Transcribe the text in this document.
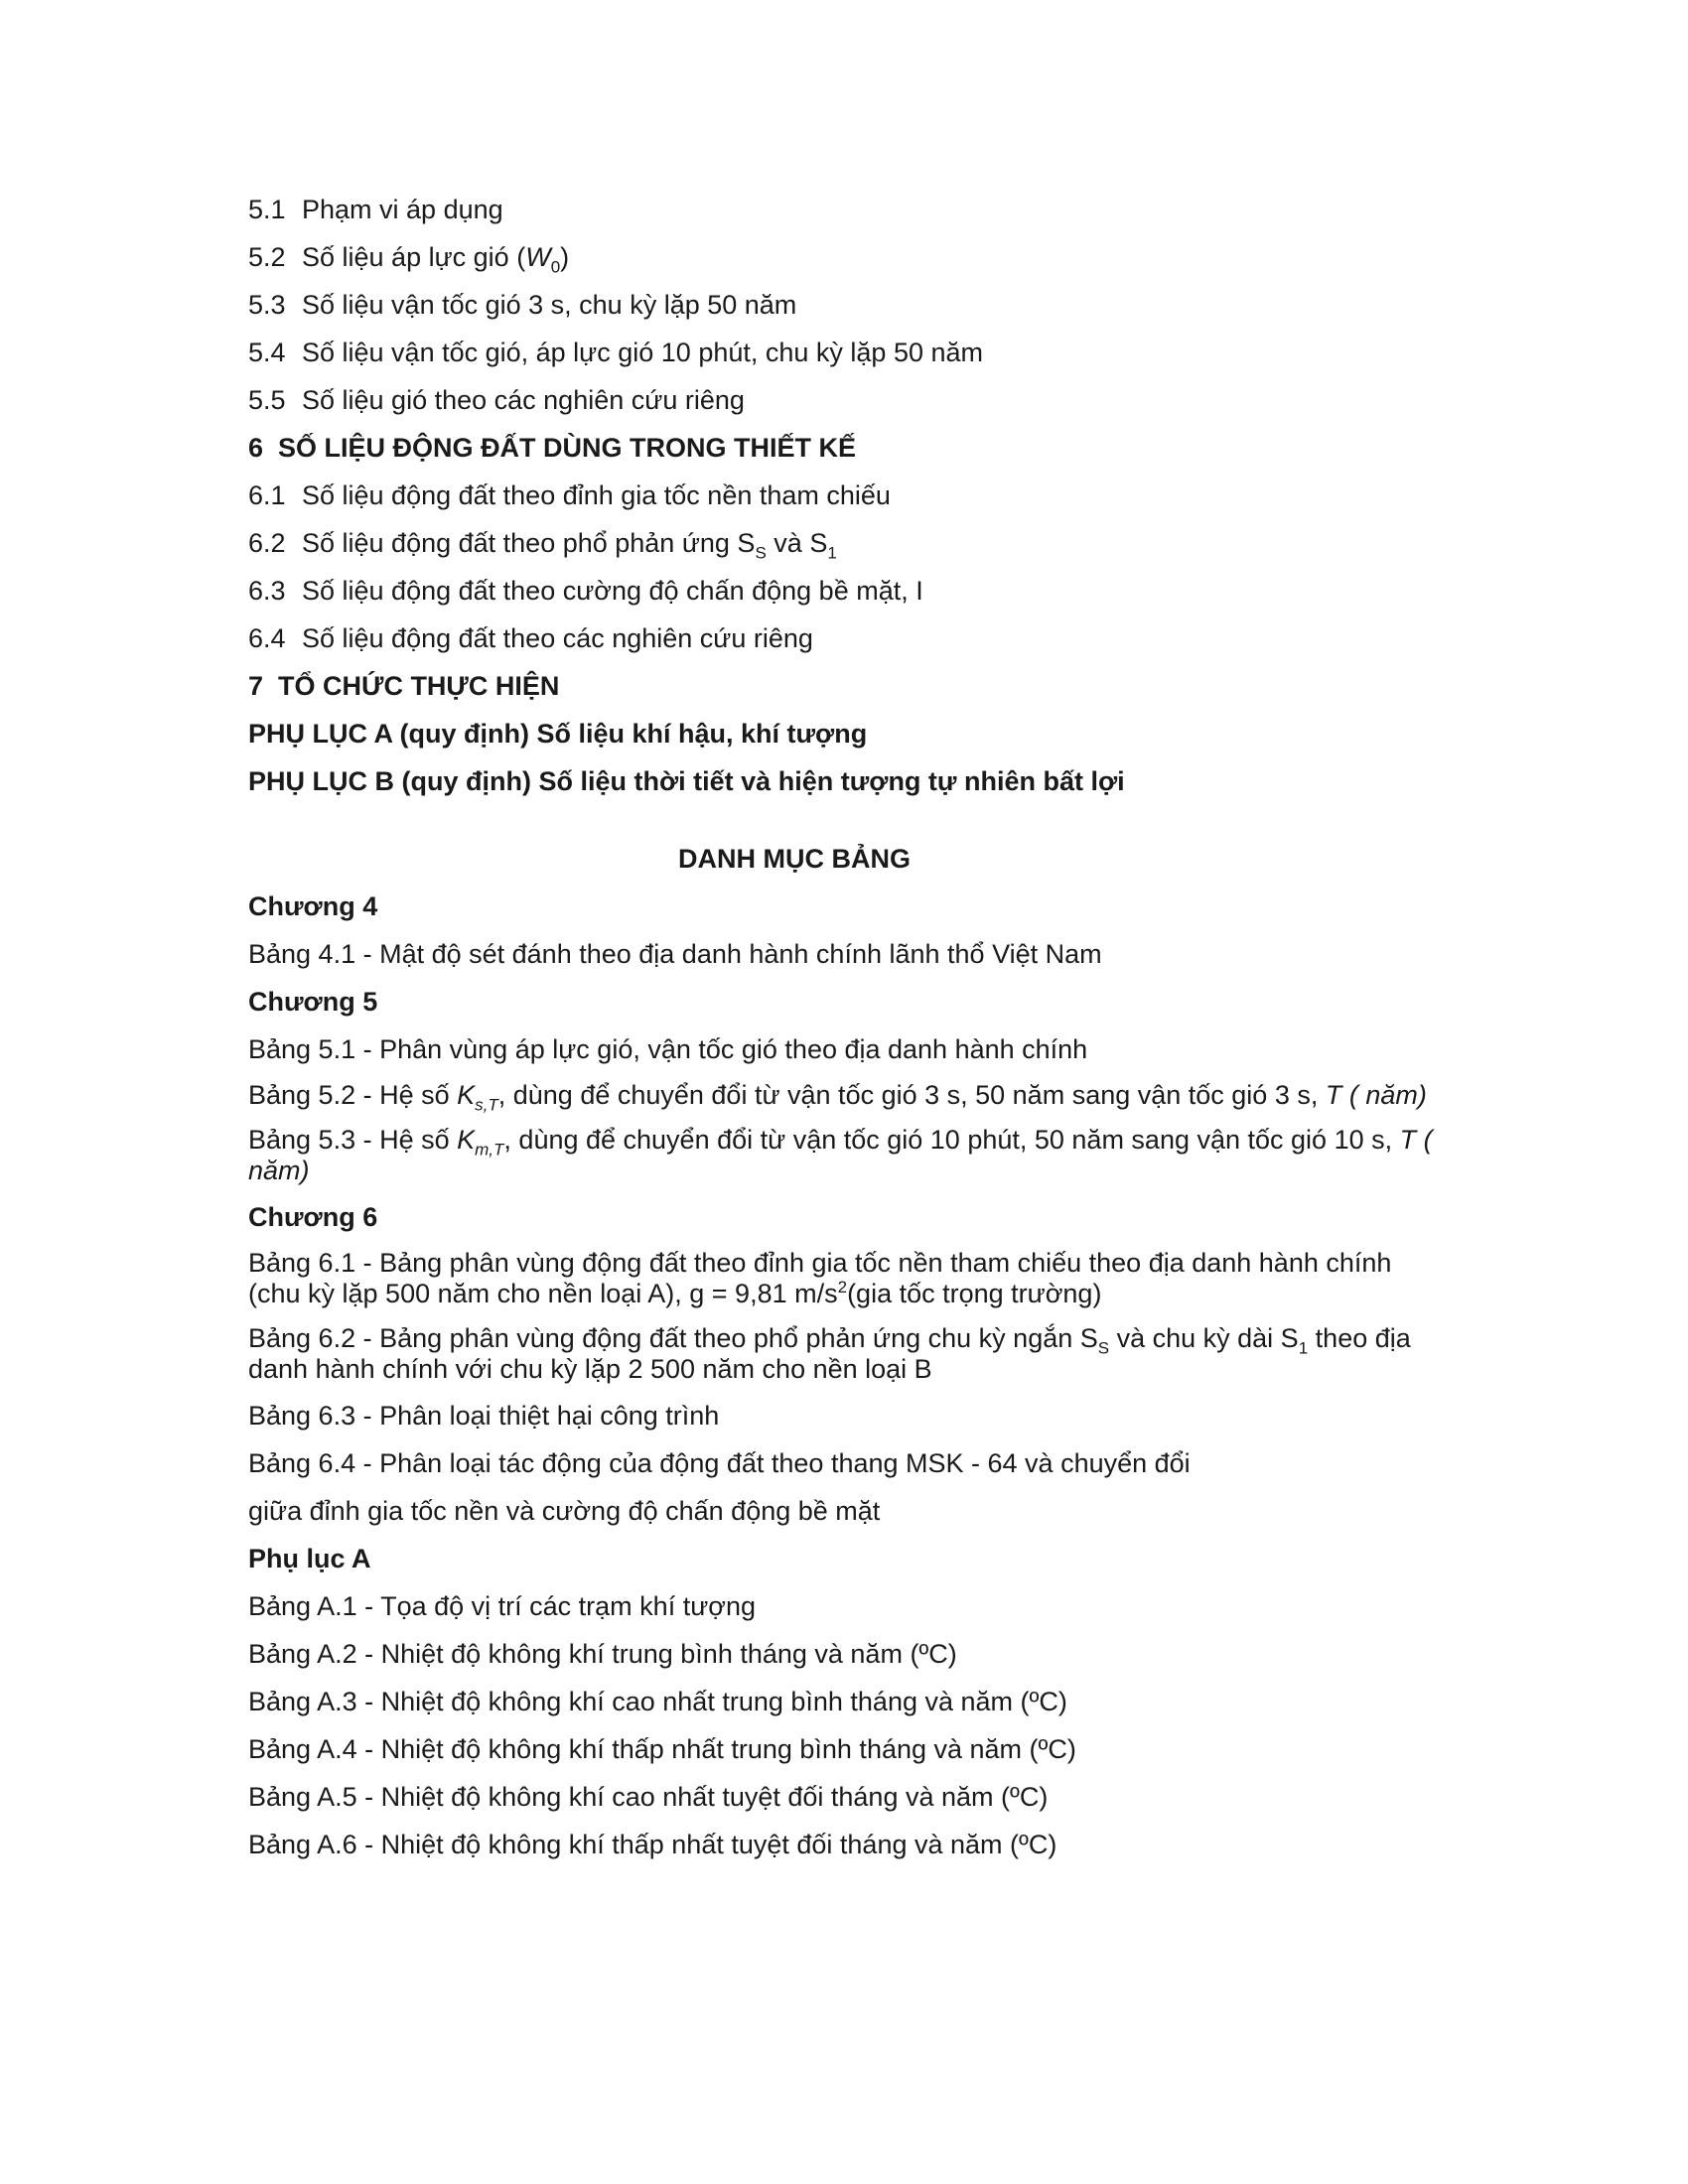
5.1 Phạm vi áp dụng
5.2 Số liệu áp lực gió $(W_0)$
5.3 Số liệu vận tốc gió 3 s, chu kỳ lặp 50 năm
5.4 Số liệu vận tốc gió, áp lực gió 10 phút, chu kỳ lặp 50 năm
5.5 Số liệu gió theo các nghiên cứu riêng
6 SỐ LIỆU ĐỘNG ĐẤT DÙNG TRONG THIẾT KẾ
6.1 Số liệu động đất theo đỉnh gia tốc nền tham chiếu
6.2 Số liệu động đất theo phổ phản ứng $S_S$ và $S_1$
6.3 Số liệu động đất theo cường độ chấn động bề mặt, I
6.4 Số liệu động đất theo các nghiên cứu riêng
7 TỔ CHỨC THỰC HIỆN
PHỤ LỤC A (quy định) Số liệu khí hậu, khí tượng
PHỤ LỤC B (quy định) Số liệu thời tiết và hiện tượng tự nhiên bất lợi
DANH MỤC BẢNG
Chương 4
Bảng 4.1 - Mật độ sét đánh theo địa danh hành chính lãnh thổ Việt Nam
Chương 5
Bảng 5.1 - Phân vùng áp lực gió, vận tốc gió theo địa danh hành chính
Bảng 5.2 - Hệ số $K_{s,T}$, dùng để chuyển đổi từ vận tốc gió 3 s, 50 năm sang vận tốc gió 3 s, T ( năm)
Bảng 5.3 - Hệ số $K_{m,T}$, dùng để chuyển đổi từ vận tốc gió 10 phút, 50 năm sang vận tốc gió 10 s, T ( năm)
Chương 6
Bảng 6.1 - Bảng phân vùng động đất theo đỉnh gia tốc nền tham chiếu theo địa danh hành chính (chu kỳ lặp 500 năm cho nền loại A), g = 9,81 $m/s^2(gia$ tốc trọng trường)
Bảng 6.2 - Bảng phân vùng động đất theo phổ phản ứng chu kỳ ngắn $S_S$ và chu kỳ dài $S_1$ theo địa danh hành chính với chu kỳ lặp 2 500 năm cho nền loại B
Bảng 6.3 - Phân loại thiệt hại công trình
Bảng 6.4 - Phân loại tác động của động đất theo thang MSK - 64 và chuyển đổi
giữa đỉnh gia tốc nền và cường độ chấn động bề mặt
Phụ lục A
Bảng A.1 - Tọa độ vị trí các trạm khí tượng
Bảng A.2 - Nhiệt độ không khí trung bình tháng và năm (ºC)
Bảng A.3 - Nhiệt độ không khí cao nhất trung bình tháng và năm (ºC)
Bảng A.4 - Nhiệt độ không khí thấp nhất trung bình tháng và năm (ºC)
Bảng A.5 - Nhiệt độ không khí cao nhất tuyệt đối tháng và năm (ºC)
Bảng A.6 - Nhiệt độ không khí thấp nhất tuyệt đối tháng và năm (ºC)
